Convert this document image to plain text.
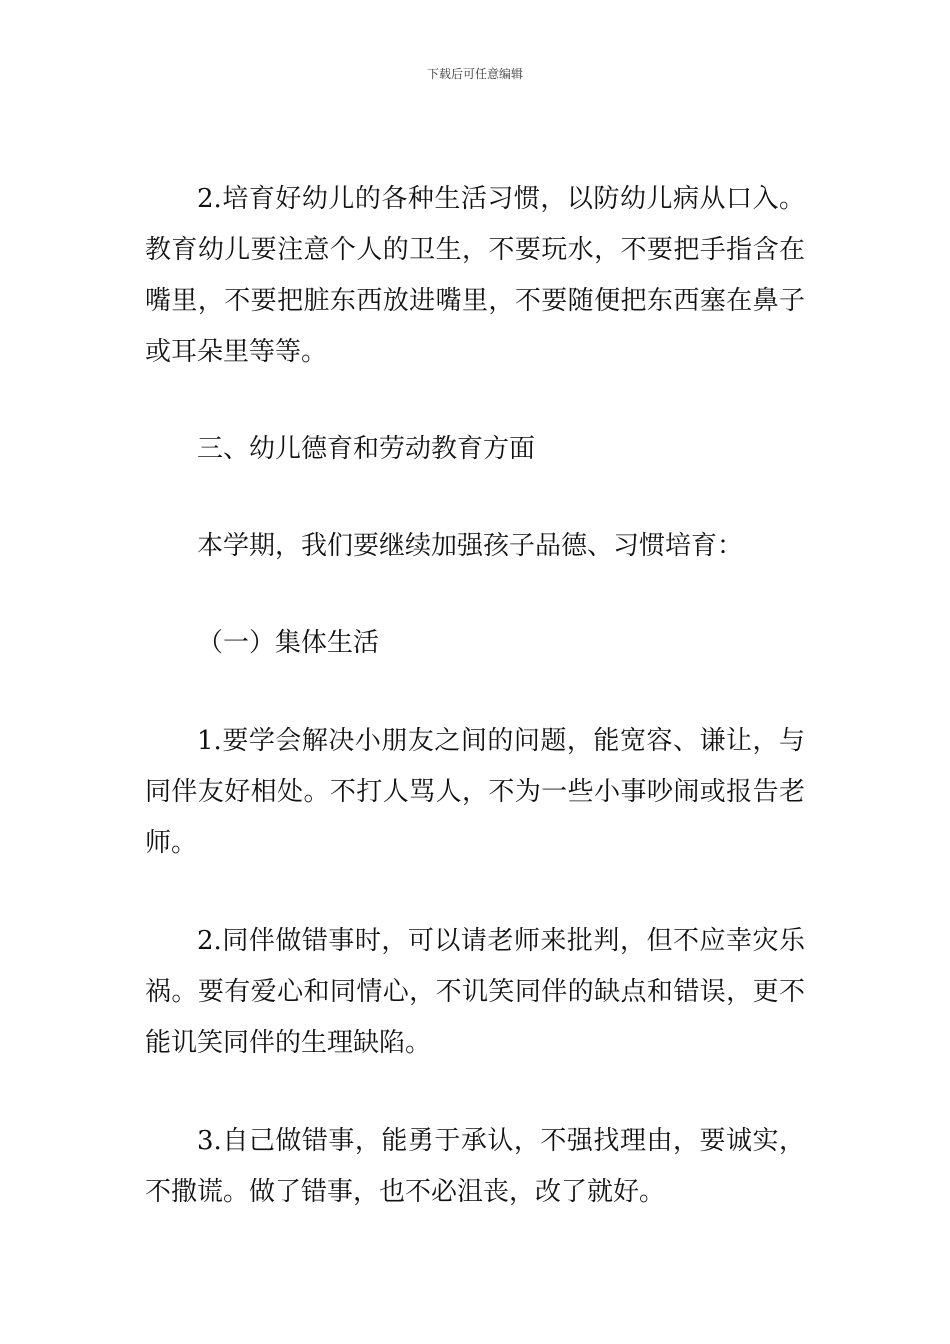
下载后可任意编辑

2.培育好幼儿的各种生活习惯，以防幼儿病从口入。教育幼儿要注意个人的卫生，不要玩水，不要把手指含在嘴里，不要把脏东西放进嘴里，不要随便把东西塞在鼻子或耳朵里等等。

三、幼儿德育和劳动教育方面

本学期，我们要继续加强孩子品德、习惯培育：

（一）集体生活

1.要学会解决小朋友之间的问题，能宽容、谦让，与同伴友好相处。不打人骂人，不为一些小事吵闹或报告老师。

2.同伴做错事时，可以请老师来批判，但不应幸灾乐祸。要有爱心和同情心，不讥笑同伴的缺点和错误，更不能讥笑同伴的生理缺陷。

3.自己做错事，能勇于承认，不强找理由，要诚实，不撒谎。做了错事，也不必沮丧，改了就好。
